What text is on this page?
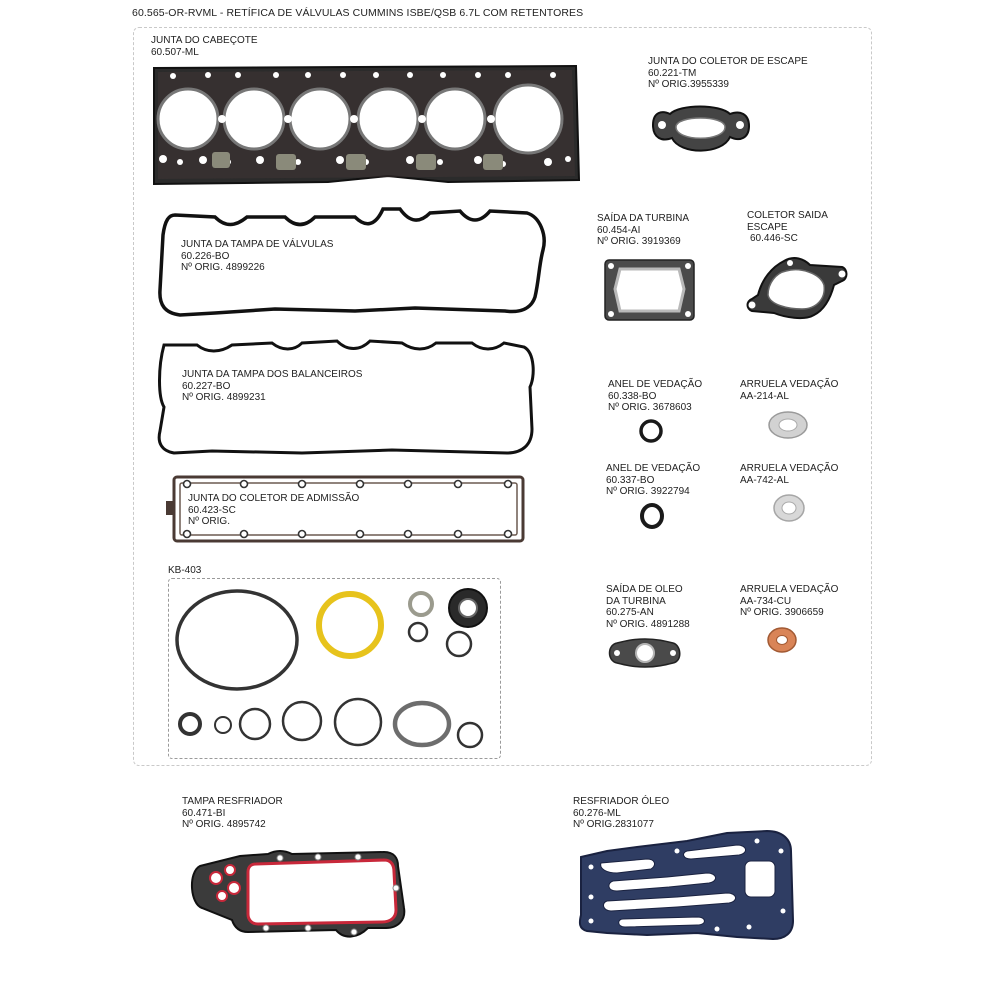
60.565-OR-RVML - RETÍFICA DE VÁLVULAS CUMMINS ISBE/QSB 6.7L COM RETENTORES
JUNTA DO CABEÇOTE
60.507-ML
JUNTA DO COLETOR DE ESCAPE
60.221-TM
Nº ORIG.3955339
JUNTA DA TAMPA DE VÁLVULAS
60.226-BO
Nº ORIG. 4899226
SAÍDA DA TURBINA
60.454-AI
Nº ORIG. 3919369
COLETOR SAIDA
ESCAPE
60.446-SC
JUNTA DA TAMPA DOS BALANCEIROS
60.227-BO
Nº ORIG. 4899231
ANEL DE VEDAÇÃO
60.338-BO
Nº ORIG. 3678603
ARRUELA VEDAÇÃO
AA-214-AL
ANEL DE VEDAÇÃO
60.337-BO
Nº ORIG. 3922794
ARRUELA VEDAÇÃO
AA-742-AL
JUNTA DO COLETOR DE ADMISSÃO
60.423-SC
Nº ORIG.
KB-403
SAÍDA DE OLEO
DA TURBINA
60.275-AN
Nº ORIG. 4891288
ARRUELA VEDAÇÃO
AA-734-CU
Nº ORIG. 3906659
TAMPA RESFRIADOR
60.471-BI
Nº ORIG. 4895742
RESFRIADOR ÓLEO
60.276-ML
Nº ORIG.2831077
